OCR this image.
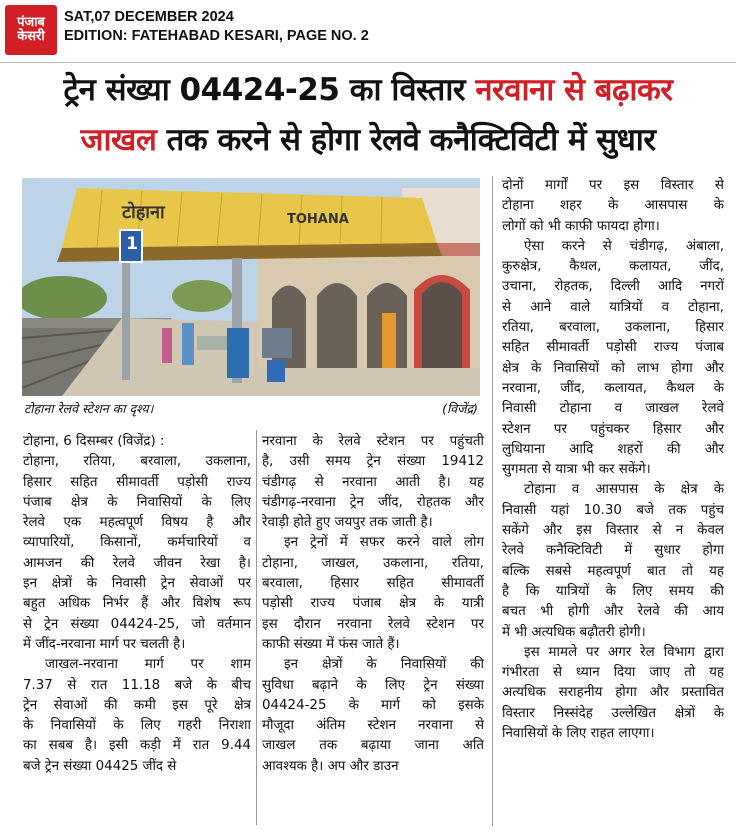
पंजाब
केसरी
SAT,07 DECEMBER 2024
EDITION: FATEHABAD KESARI, PAGE NO. 2
ट्रेन संख्या 04424-25 का विस्तार नरवाना से बढ़ाकर
जाखल तक करने से होगा रेलवे कनैक्टिविटी में सुधार
1
टोहाना	TOHANA
टोहाना रेलवे स्टेशन का दृश्य।	(विजेंद्र)
टोहाना, 6 दिसम्बर (विजेंद्र) :
टोहाना, रतिया, बरवाला, उकलाना,
हिसार सहित सीमावर्ती पड़ोसी राज्य
पंजाब क्षेत्र के निवासियों के लिए
रेलवे एक महत्वपूर्ण विषय है और
व्यापारियों, किसानों, कर्मचारियों व
आमजन की रेलवे जीवन रेखा है।
इन क्षेत्रों के निवासी ट्रेन सेवाओं पर
बहुत अधिक निर्भर हैं और विशेष रूप
से ट्रेन संख्या 04424-25, जो वर्तमान
में जींद-नरवाना मार्ग पर चलती है।
जाखल-नरवाना मार्ग पर शाम
7.37 से रात 11.18 बजे के बीच
ट्रेन सेवाओं की कमी इस पूरे क्षेत्र
के निवासियों के लिए गहरी निराशा
का सबब है। इसी कड़ी में रात 9.44
बजे ट्रेन संख्या 04425 जींद से
नरवाना के रेलवे स्टेशन पर पहुंचती
है, उसी समय ट्रेन संख्या 19412
चंडीगढ़ से नरवाना आती है। यह
चंडीगढ़-नरवाना ट्रेन जींद, रोहतक और
रेवाड़ी होते हुए जयपुर तक जाती है।
इन ट्रेनों में सफर करने वाले लोग
टोहाना, जाखल, उकलाना, रतिया,
बरवाला, हिसार सहित सीमावर्ती
पड़ोसी राज्य पंजाब क्षेत्र के यात्री
इस दौरान नरवाना रेलवे स्टेशन पर
काफी संख्या में फंस जाते हैं।
इन क्षेत्रों के निवासियों की
सुविधा बढ़ाने के लिए ट्रेन संख्या
04424-25 के मार्ग को इसके
मौजूदा अंतिम स्टेशन नरवाना से
जाखल तक बढ़ाया जाना अति
आवश्यक है। अप और डाउन
दोनों मार्गों पर इस विस्तार से
टोहाना शहर के आसपास के
लोगों को भी काफी फायदा होगा।
ऐसा करने से चंडीगढ़, अंबाला,
कुरुक्षेत्र, कैथल, कलायत, जींद,
उचाना, रोहतक, दिल्ली आदि नगरों
से आने वाले यात्रियों व टोहाना,
रतिया, बरवाला, उकलाना, हिसार
सहित सीमावर्ती पड़ोसी राज्य पंजाब
क्षेत्र के निवासियों को लाभ होगा और
नरवाना, जींद, कलायत, कैथल के
निवासी टोहाना व जाखल रेलवे
स्टेशन पर पहुंचकर हिसार और
लुधियाना आदि शहरों की और
सुगमता से यात्रा भी कर सकेंगे।
टोहाना व आसपास के क्षेत्र के
निवासी यहां 10.30 बजे तक पहुंच
सकेंगे और इस विस्तार से न केवल
रेलवे कनैक्टिविटी में सुधार होगा
बल्कि सबसे महत्वपूर्ण बात तो यह
है कि यात्रियों के लिए समय की
बचत भी होगी और रेलवे की आय
में भी अत्यधिक बढ़ौतरी होगी।
इस मामले पर अगर रेल विभाग द्वारा
गंभीरता से ध्यान दिया जाए तो यह
अत्यधिक सराहनीय होगा और प्रस्तावित
विस्तार निस्संदेह उल्लेखित क्षेत्रों के
निवासियों के लिए राहत लाएगा।
